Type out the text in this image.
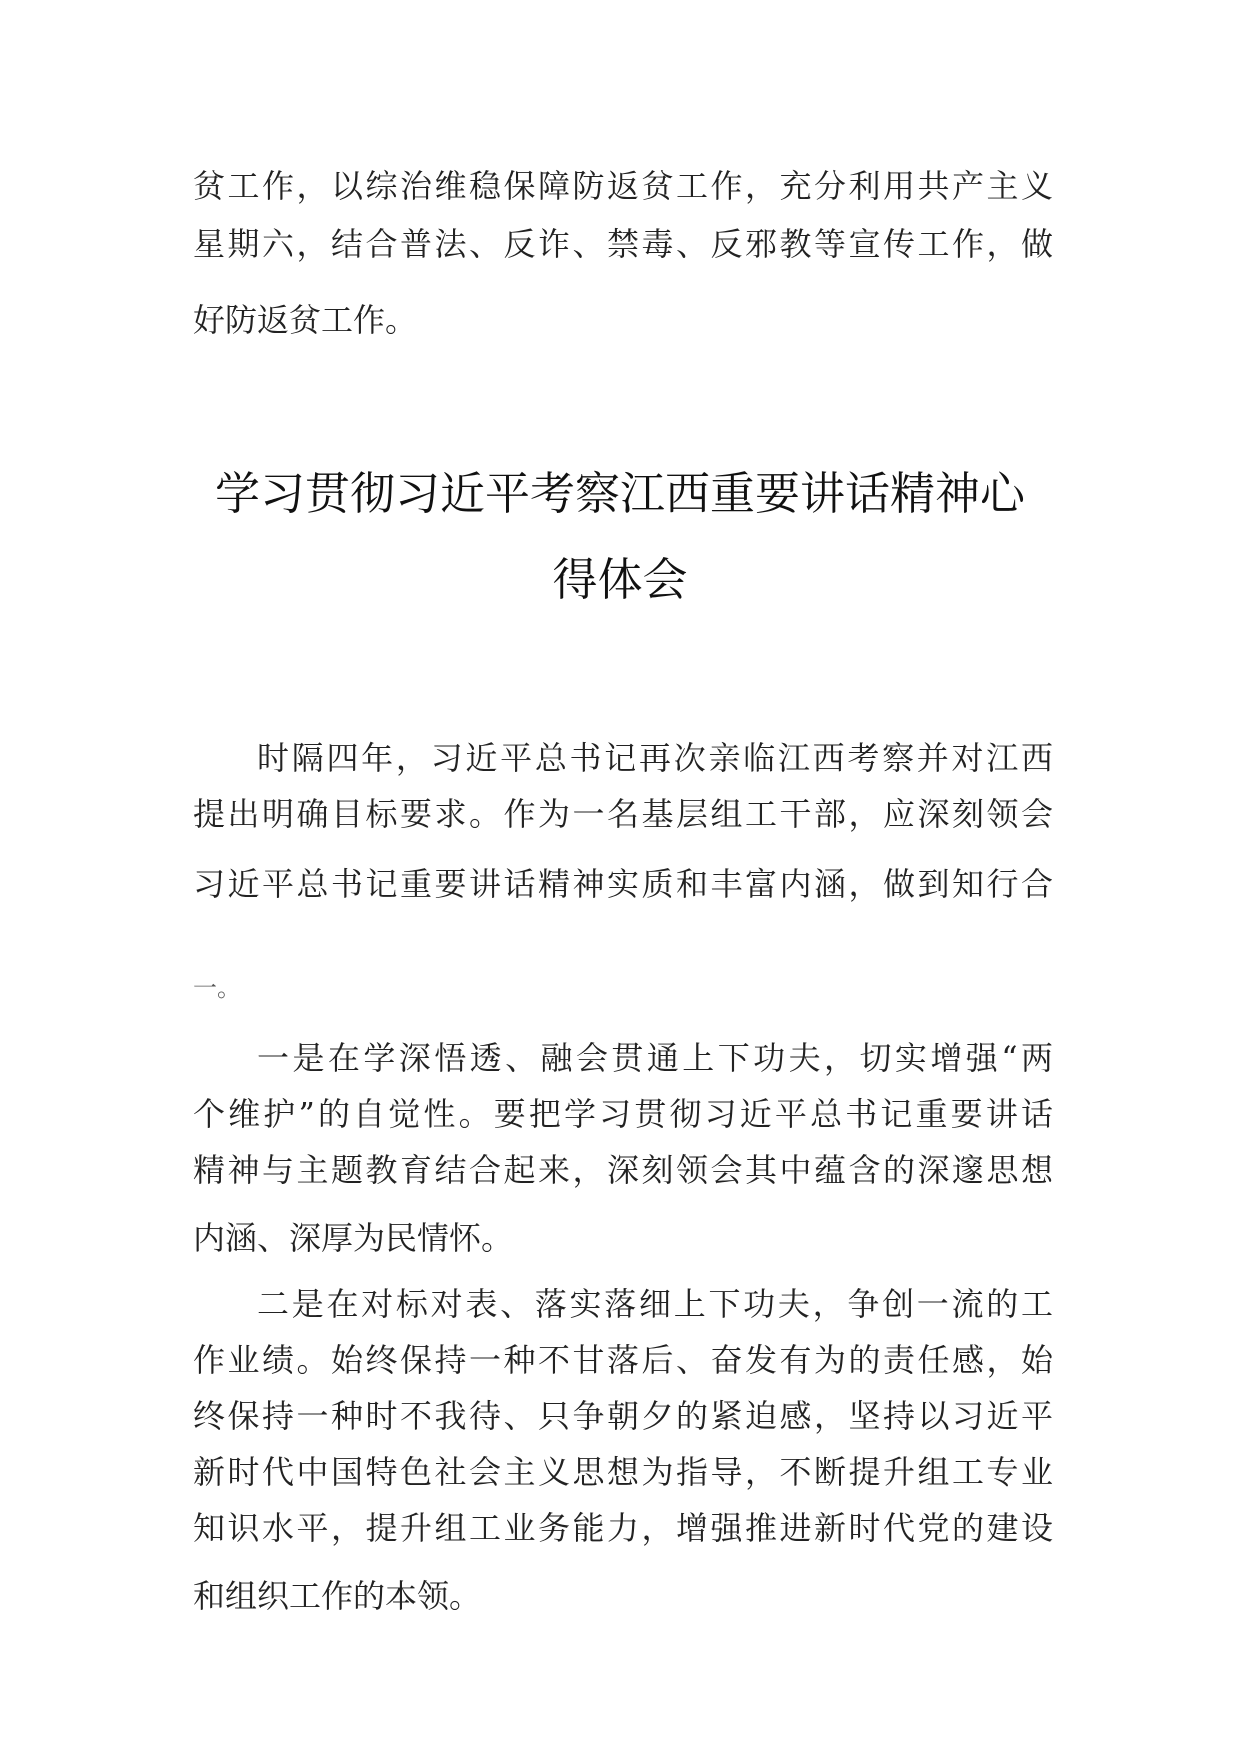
贫工作，以综治维稳保障防返贫工作，充分利用共产主义
星期六，结合普法、反诈、禁毒、反邪教等宣传工作，做
好防返贫工作。
学习贯彻习近平考察江西重要讲话精神心
得体会
时隔四年，习近平总书记再次亲临江西考察并对江西
提出明确目标要求。作为一名基层组工干部，应深刻领会
习近平总书记重要讲话精神实质和丰富内涵，做到知行合
一。
一是在学深悟透、融会贯通上下功夫，切实增强“两
个维护”的自觉性。要把学习贯彻习近平总书记重要讲话
精神与主题教育结合起来，深刻领会其中蕴含的深邃思想
内涵、深厚为民情怀。
二是在对标对表、落实落细上下功夫，争创一流的工
作业绩。始终保持一种不甘落后、奋发有为的责任感，始
终保持一种时不我待、只争朝夕的紧迫感，坚持以习近平
新时代中国特色社会主义思想为指导，不断提升组工专业
知识水平，提升组工业务能力，增强推进新时代党的建设
和组织工作的本领。
